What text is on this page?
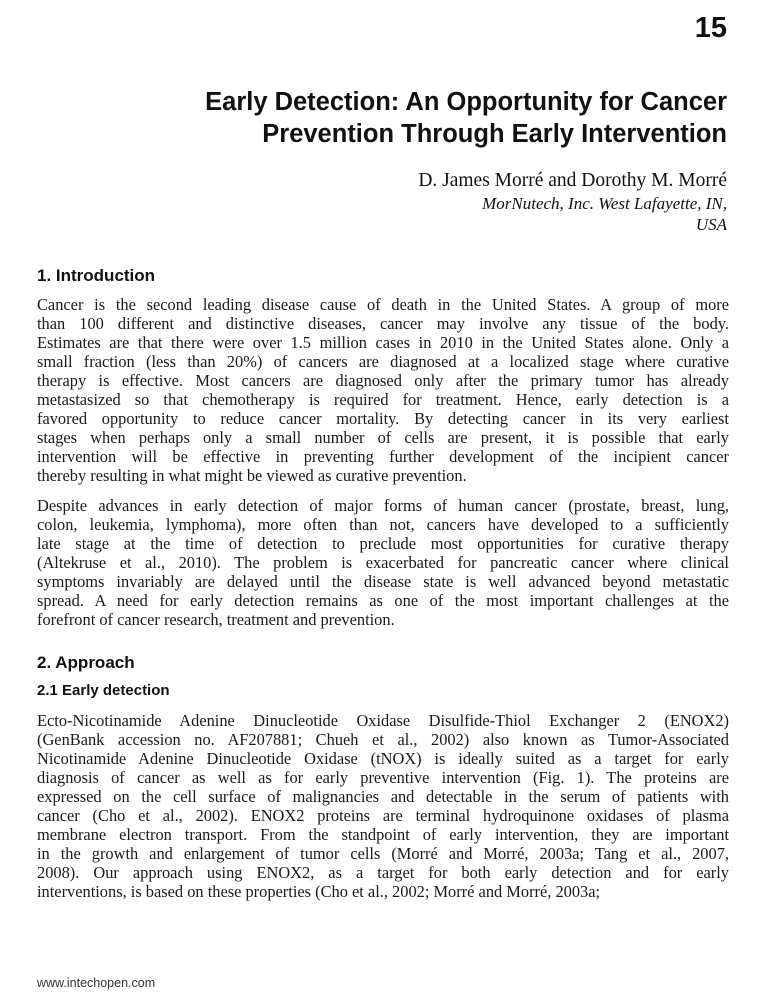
15
Early Detection: An Opportunity for Cancer
Prevention Through Early Intervention
D. James Morré and Dorothy M. Morré
MorNutech, Inc. West Lafayette, IN,
USA
1. Introduction

Cancer is the second leading disease cause of death in the United States. A group of more
than 100 different and distinctive diseases, cancer may involve any tissue of the body.
Estimates are that there were over 1.5 million cases in 2010 in the United States alone. Only a
small fraction (less than 20%) of cancers are diagnosed at a localized stage where curative
therapy is effective. Most cancers are diagnosed only after the primary tumor has already
metastasized so that chemotherapy is required for treatment. Hence, early detection is a
favored opportunity to reduce cancer mortality. By detecting cancer in its very earliest
stages when perhaps only a small number of cells are present, it is possible that early
intervention will be effective in preventing further development of the incipient cancer
thereby resulting in what might be viewed as curative prevention.

Despite advances in early detection of major forms of human cancer (prostate, breast, lung,
colon, leukemia, lymphoma), more often than not, cancers have developed to a sufficiently
late stage at the time of detection to preclude most opportunities for curative therapy
(Altekruse et al., 2010). The problem is exacerbated for pancreatic cancer where clinical
symptoms invariably are delayed until the disease state is well advanced beyond metastatic
spread. A need for early detection remains as one of the most important challenges at the
forefront of cancer research, treatment and prevention.

2. Approach
2.1 Early detection

Ecto-Nicotinamide Adenine Dinucleotide Oxidase Disulfide-Thiol Exchanger 2 (ENOX2)
(GenBank accession no. AF207881; Chueh et al., 2002) also known as Tumor-Associated
Nicotinamide Adenine Dinucleotide Oxidase (tNOX) is ideally suited as a target for early
diagnosis of cancer as well as for early preventive intervention (Fig. 1). The proteins are
expressed on the cell surface of malignancies and detectable in the serum of patients with
cancer (Cho et al., 2002). ENOX2 proteins are terminal hydroquinone oxidases of plasma
membrane electron transport. From the standpoint of early intervention, they are important
in the growth and enlargement of tumor cells (Morré and Morré, 2003a; Tang et al., 2007,
2008). Our approach using ENOX2, as a target for both early detection and for early
interventions, is based on these properties (Cho et al., 2002; Morré and Morré, 2003a;

www.intechopen.com
